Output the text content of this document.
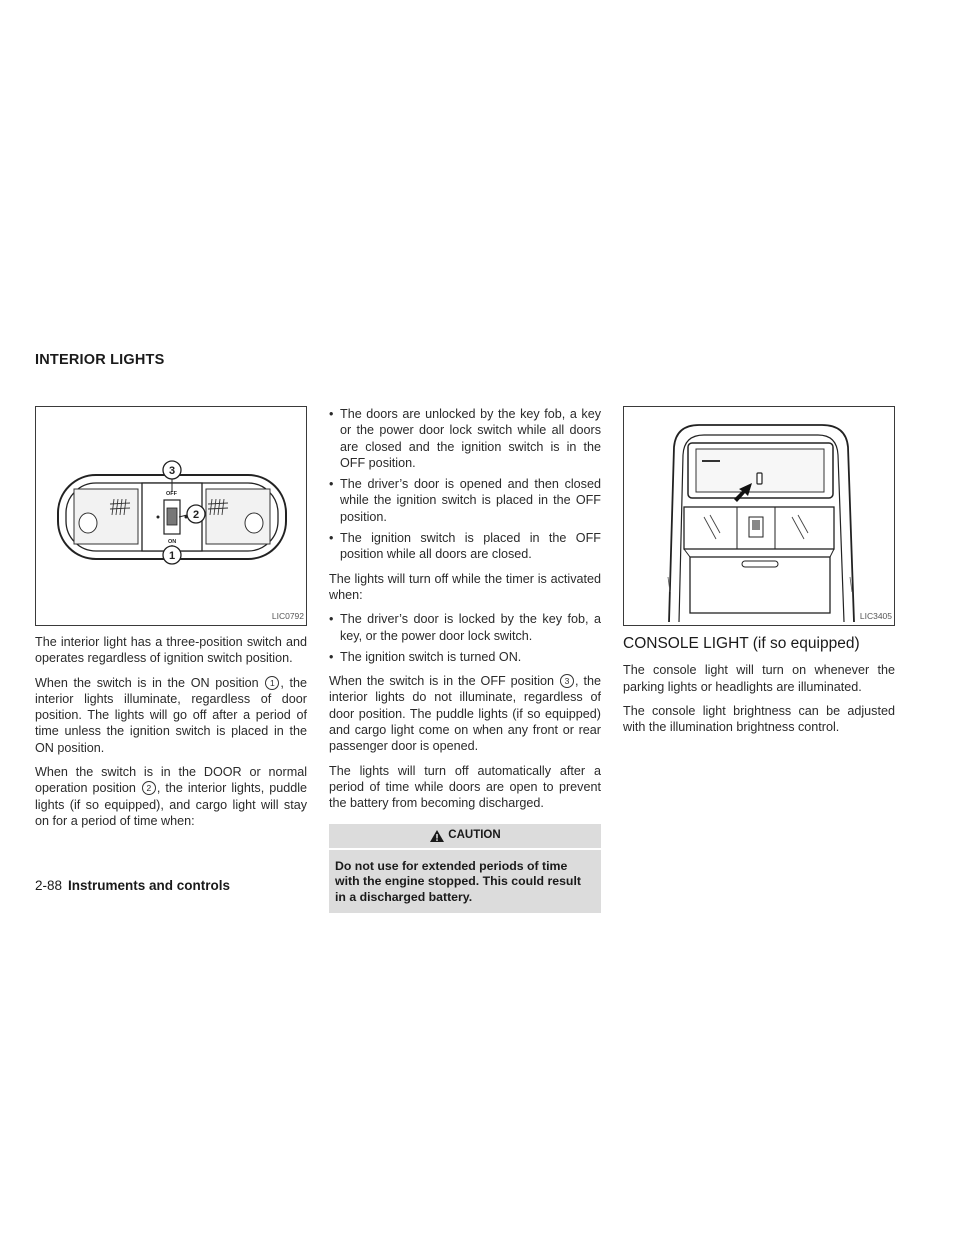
INTERIOR LIGHTS
OFF
ON
3
2
1
LIC0792

The interior light has a three-position switch and operates regardless of ignition switch position.

When the switch is in the ON position 1 , the interior lights illuminate, regardless of door position. The lights will go off after a period of time unless the ignition switch is placed in the ON position.

When the switch is in the DOOR or normal operation position 2 , the interior lights, puddle lights (if so equipped), and cargo light will stay on for a period of time when:

• The doors are unlocked by the key fob, a key or the power door lock switch while all doors are closed and the ignition switch is in the OFF position.
• The driver’s door is opened and then closed while the ignition switch is placed in the OFF position.
• The ignition switch is placed in the OFF position while all doors are closed.

The lights will turn off while the timer is activated when:

• The driver’s door is locked by the key fob, a key, or the power door lock switch.
• The ignition switch is turned ON.

When the switch is in the OFF position 3 , the interior lights do not illuminate, regardless of door position. The puddle lights (if so equipped) and cargo light come on when any front or rear passenger door is opened.

The lights will turn off automatically after a period of time while doors are open to prevent the battery from becoming discharged.

CAUTION
Do not use for extended periods of time with the engine stopped. This could result in a discharged battery.
LIC3405
CONSOLE LIGHT (if so equipped)

The console light will turn on whenever the parking lights or headlights are illuminated.

The console light brightness can be adjusted with the illumination brightness control.

2-88 Instruments and controls
